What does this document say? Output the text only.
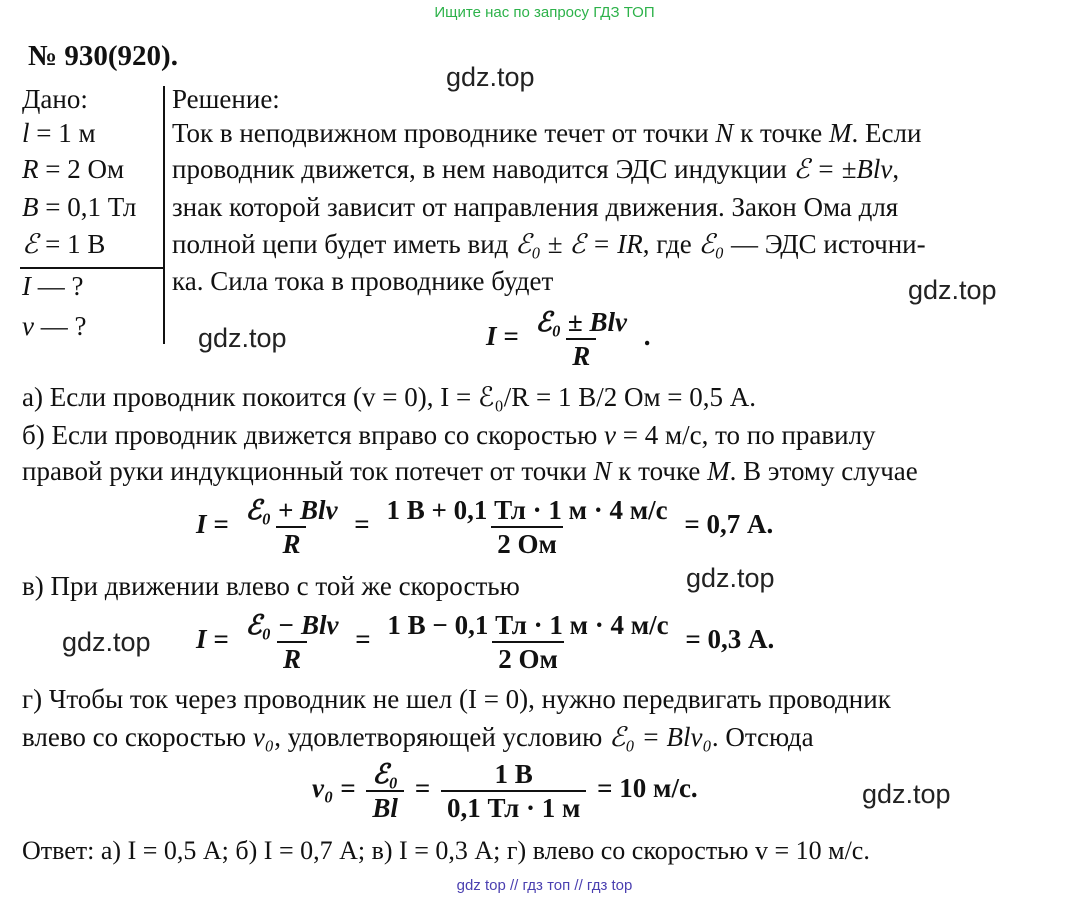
Ищите нас по запросу ГДЗ ТОП
№ 930(920).
gdz.top
gdz.top
gdz.top
gdz.top
gdz.top
gdz.top
Дано:
l = 1 м
R = 2 Ом
B = 0,1 Тл
ℰ = 1 В
I — ?
v — ?
Решение:
Ток в неподвижном проводнике течет от точки N к точке M. Если
проводник движется, в нем наводится ЭДС индукции ℰ = ±Blv,
знак которой зависит от направления движения. Закон Ома для
полной цепи будет иметь вид ℰ₀ ± ℰ = IR, где ℰ₀ — ЭДС источни-
ка. Сила тока в проводнике будет
$I = \frac{\text{ℰ₀ ± Blv}}{R}$ .
а) Если проводник покоится (v = 0), I = ℰ₀/R = 1 В/2 Ом = 0,5 А.
б) Если проводник движется вправо со скоростью v = 4 м/с, то по правилу
правой руки индукционный ток потечет от точки N к точке M. В этому случае
$I = \frac{\text{ℰ₀ + Blv}}{R} = \frac{1 В + 0,1 Тл \cdot 1 м \cdot 4 м/с}{2 Ом} = 0,7$ А.
в) При движении влево с той же скоростью
$I = \frac{\text{ℰ₀ − Blv}}{R} = \frac{1 В - 0,1 Тл \cdot 1 м \cdot 4 м/с}{2 Ом} = 0,3$ А.
г) Чтобы ток через проводник не шел (I = 0), нужно передвигать проводник
влево со скоростью v₀, удовлетворяющей условию ℰ₀ = Blv₀. Отсюда
$v_0 = \frac{\text{ℰ₀}}{Bl} = \frac{1 В}{0,1 Тл \cdot 1 м} = 10$ м/с.
Ответ: а) I = 0,5 А; б) I = 0,7 А; в) I = 0,3 А; г) влево со скоростью v = 10 м/с.
gdz top // гдз топ // гдз top
